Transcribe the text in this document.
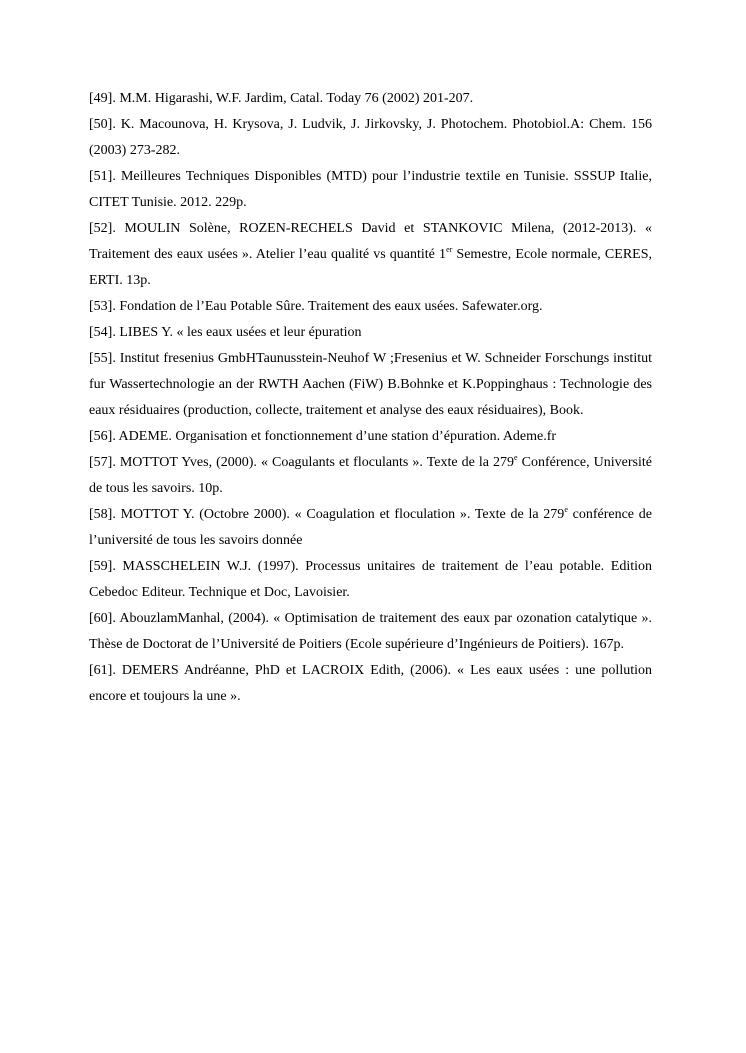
[49]. M.M. Higarashi, W.F. Jardim, Catal. Today 76 (2002) 201-207.

[50]. K. Macounova, H. Krysova, J. Ludvik, J. Jirkovsky, J. Photochem. Photobiol.A: Chem. 156 (2003) 273-282.

[51]. Meilleures Techniques Disponibles (MTD) pour l’industrie textile en Tunisie. SSSUP Italie, CITET Tunisie. 2012. 229p.

[52]. MOULIN Solène, ROZEN-RECHELS David et STANKOVIC Milena, (2012-2013). « Traitement des eaux usées ». Atelier l’eau qualité vs quantité 1er Semestre, Ecole normale, CERES, ERTI. 13p.

[53]. Fondation de l’Eau Potable Sûre. Traitement des eaux usées. Safewater.org.

[54]. LIBES Y. « les eaux usées et leur épuration

[55]. Institut fresenius GmbHTaunusstein-Neuhof W ;Fresenius et W. Schneider Forschungs institut fur Wassertechnologie an der RWTH Aachen (FiW) B.Bohnke et K.Poppinghaus : Technologie des eaux résiduaires (production, collecte, traitement et analyse des eaux résiduaires), Book.

[56]. ADEME. Organisation et fonctionnement d’une station d’épuration. Ademe.fr

[57]. MOTTOT Yves, (2000). « Coagulants et floculants ». Texte de la 279e Conférence, Université de tous les savoirs. 10p.

[58]. MOTTOT Y. (Octobre 2000). « Coagulation et floculation ». Texte de la 279e conférence de l’université de tous les savoirs donnée

[59]. MASSCHELEIN W.J. (1997). Processus unitaires de traitement de l’eau potable. Edition Cebedoc Editeur. Technique et Doc, Lavoisier.

[60]. AbouzlamManhal, (2004). « Optimisation de traitement des eaux par ozonation catalytique ». Thèse de Doctorat de l’Université de Poitiers (Ecole supérieure d’Ingénieurs de Poitiers). 167p.

[61]. DEMERS Andréanne, PhD et LACROIX Edith, (2006). « Les eaux usées : une pollution encore et toujours la une ».
